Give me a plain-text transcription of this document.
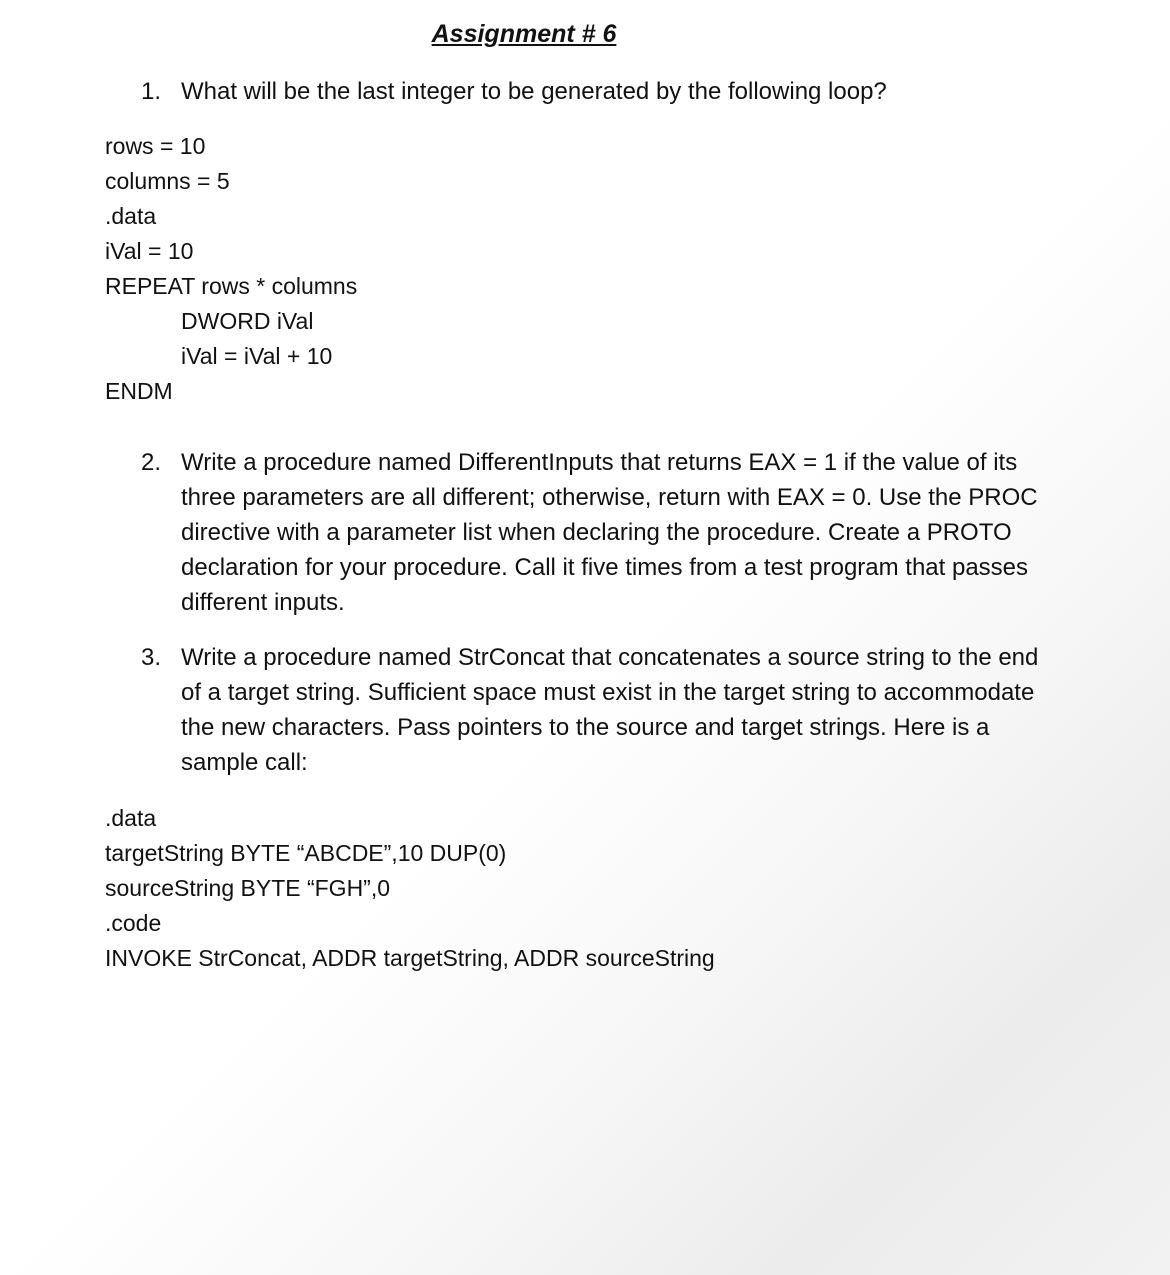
Assignment # 6
1. What will be the last integer to be generated by the following loop?
rows = 10
columns = 5
.data
iVal = 10
REPEAT rows * columns
DWORD iVal
iVal = iVal + 10
ENDM
2. Write a procedure named DifferentInputs that returns EAX = 1 if the value of its three parameters are all different; otherwise, return with EAX = 0. Use the PROC directive with a parameter list when declaring the procedure. Create a PROTO declaration for your procedure. Call it five times from a test program that passes different inputs.
3. Write a procedure named StrConcat that concatenates a source string to the end of a target string. Sufficient space must exist in the target string to accommodate the new characters. Pass pointers to the source and target strings. Here is a sample call:
.data
targetString BYTE “ABCDE”,10 DUP(0)
sourceString BYTE “FGH”,0
.code
INVOKE StrConcat, ADDR targetString, ADDR sourceString
